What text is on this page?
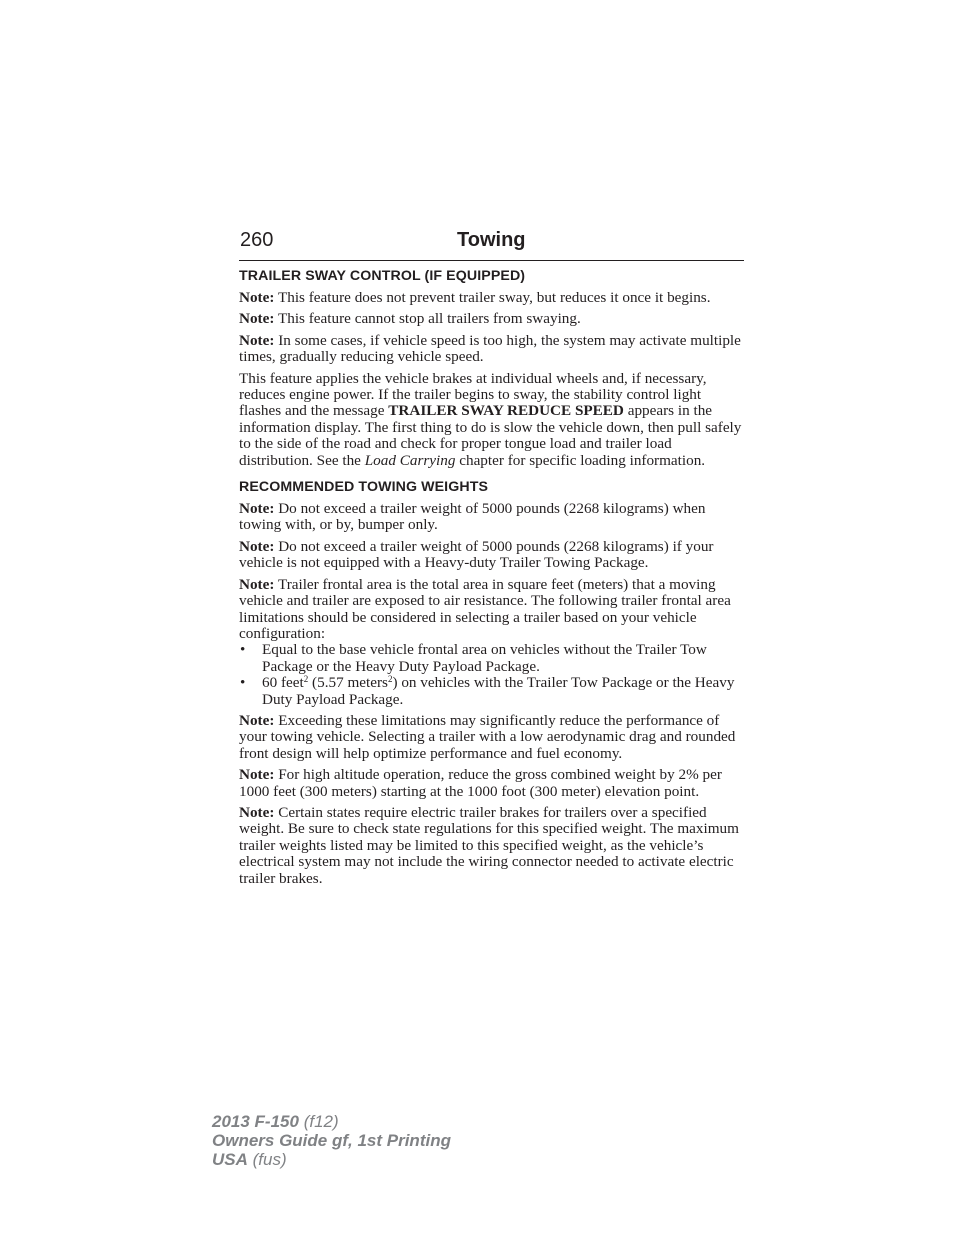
260	Towing
TRAILER SWAY CONTROL (IF EQUIPPED)

Note: This feature does not prevent trailer sway, but reduces it once it begins.

Note: This feature cannot stop all trailers from swaying.

Note: In some cases, if vehicle speed is too high, the system may activate multiple times, gradually reducing vehicle speed.

This feature applies the vehicle brakes at individual wheels and, if necessary, reduces engine power. If the trailer begins to sway, the stability control light flashes and the message TRAILER SWAY REDUCE SPEED appears in the information display. The first thing to do is slow the vehicle down, then pull safely to the side of the road and check for proper tongue load and trailer load distribution. See the Load Carrying chapter for specific loading information.

RECOMMENDED TOWING WEIGHTS

Note: Do not exceed a trailer weight of 5000 pounds (2268 kilograms) when towing with, or by, bumper only.

Note: Do not exceed a trailer weight of 5000 pounds (2268 kilograms) if your vehicle is not equipped with a Heavy-duty Trailer Towing Package.

Note: Trailer frontal area is the total area in square feet (meters) that a moving vehicle and trailer are exposed to air resistance. The following trailer frontal area limitations should be considered in selecting a trailer based on your vehicle configuration:

• Equal to the base vehicle frontal area on vehicles without the Trailer Tow Package or the Heavy Duty Payload Package.
• 60 feet$^2$ (5.57 meters$^2$) on vehicles with the Trailer Tow Package or the Heavy Duty Payload Package.

Note: Exceeding these limitations may significantly reduce the performance of your towing vehicle. Selecting a trailer with a low aerodynamic drag and rounded front design will help optimize performance and fuel economy.

Note: For high altitude operation, reduce the gross combined weight by 2% per 1000 feet (300 meters) starting at the 1000 foot (300 meter) elevation point.

Note: Certain states require electric trailer brakes for trailers over a specified weight. Be sure to check state regulations for this specified weight. The maximum trailer weights listed may be limited to this specified weight, as the vehicle’s electrical system may not include the wiring connector needed to activate electric trailer brakes.

2013 F-150 (f12)
Owners Guide gf, 1st Printing
USA (fus)
